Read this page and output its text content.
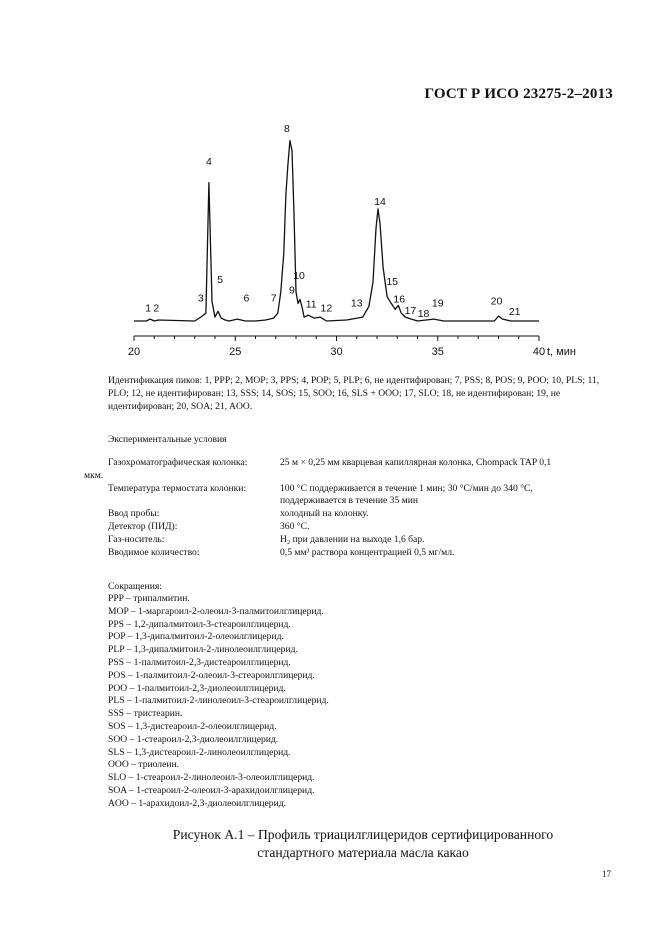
ГОСТ Р ИСО 23275-2–2013
20	25	30	35	40 t, мин
1 2
3
4
5
6 7
8
9
10
11 12 13
14
15
16
17 18
19	20
21
Идентификация пиков: 1, PPP; 2, MOP; 3, PPS; 4, POP; 5, PLP; 6, не идентифирован; 7, PSS; 8, POS; 9, POO; 10, PLS; 11, PLO; 12, не идентифирован; 13, SSS; 14, SOS; 15, SOO; 16, SLS + OOO; 17, SLO; 18, не идентифирован; 19, не идентифирован; 20, SOA; 21, AOO.
Экспериментальные условия
Газохроматографическая колонка:	25 м × 0,25 мм кварцевая капиллярная колонка, Chompack TAP 0,1
мкм.
Температура термостата колонки:	100 °C поддерживается в течение 1 мин; 30 °C/мин до 340 °C,
поддерживается в течение 35 мин
Ввод пробы:	холодный на колонку.
Детектор (ПИД):	360 °C.
Газ-носитель:	H₂ при давлении на выходе 1,6 бар.
Вводимое количество:	0,5 мм³ раствора концентрацией 0,5 мг/мл.
Сокращения:
PPP – трипалмитин.
MOP – 1-маргароил-2-олеоил-3-палмитоилглицерид.
PPS – 1,2-дипалмитоил-3-стеароилглицерид.
POP – 1,3-дипалмитоил-2-олеоилглицерид.
PLP – 1,3-дипалмитоил-2-линолеоилглицерид.
PSS – 1-палмитоил-2,3-дистеароилглицерид.
POS – 1-палмитоил-2-олеоил-3-стеароилглицерид.
POO – 1-палмитоил-2,3-диолеоилглицерид.
PLS – 1-палмитоил-2-линолеоил-3-стеароилглицерид.
SSS – тристеарин.
SOS – 1,3-дистеароил-2-олеоилглицерид.
SOO – 1-стеароил-2,3-диолеоилглицерид.
SLS – 1,3-дистеароил-2-линолеоилглицерид.
OOO – триолеин.
SLO – 1-стеароил-2-линолеоил-3-олеоилглицерид.
SOA – 1-стеароил-2-олеоил-3-арахидоилглицерид.
AOO – 1-арахидоил-2,3-диолеоилглицерид.
Рисунок А.1 – Профиль триацилглицеридов сертифицированного
стандартного материала масла какао
17
